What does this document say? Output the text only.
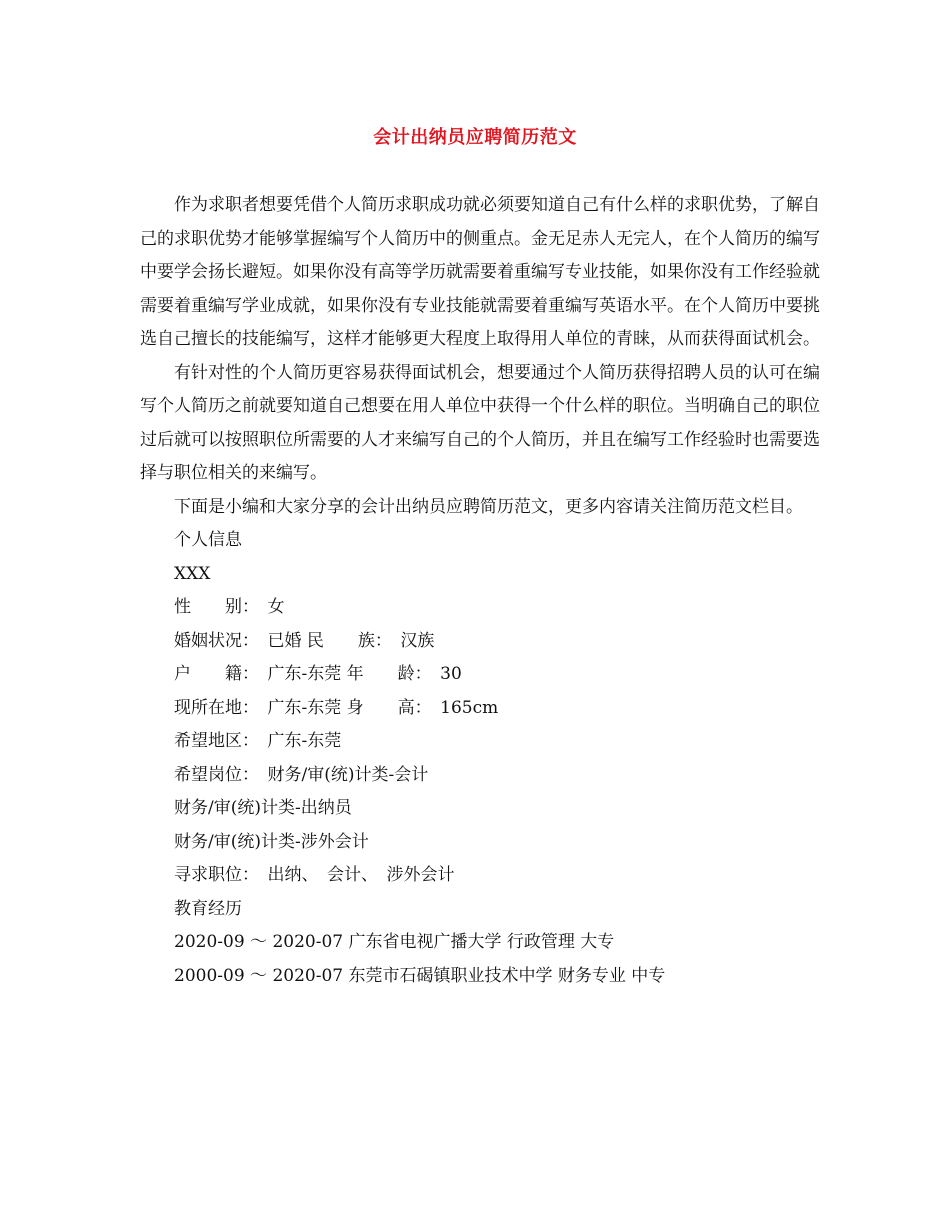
会计出纳员应聘简历范文

作为求职者想要凭借个人简历求职成功就必须要知道自己有什么样的求职优势，了解自己的求职优势才能够掌握编写个人简历中的侧重点。金无足赤人无完人，在个人简历的编写中要学会扬长避短。如果你没有高等学历就需要着重编写专业技能，如果你没有工作经验就需要着重编写学业成就，如果你没有专业技能就需要着重编写英语水平。在个人简历中要挑选自己擅长的技能编写，这样才能够更大程度上取得用人单位的青睐，从而获得面试机会。

有针对性的个人简历更容易获得面试机会，想要通过个人简历获得招聘人员的认可在编写个人简历之前就要知道自己想要在用人单位中获得一个什么样的职位。当明确自己的职位过后就可以按照职位所需要的人才来编写自己的个人简历，并且在编写工作经验时也需要选择与职位相关的来编写。

下面是小编和大家分享的会计出纳员应聘简历范文，更多内容请关注简历范文栏目。

个人信息

XXX

性　　别：　女

婚姻状况：　已婚 民　　族：　汉族

户　　籍：　广东-东莞 年　　龄：　30

现所在地：　广东-东莞 身　　高：　165cm

希望地区：　广东-东莞

希望岗位：　财务/审(统)计类-会计

财务/审(统)计类-出纳员

财务/审(统)计类-涉外会计

寻求职位：　出纳、　会计、　涉外会计

教育经历

2020-09 ～ 2020-07 广东省电视广播大学 行政管理 大专

2000-09 ～ 2020-07 东莞市石碣镇职业技术中学 财务专业 中专
